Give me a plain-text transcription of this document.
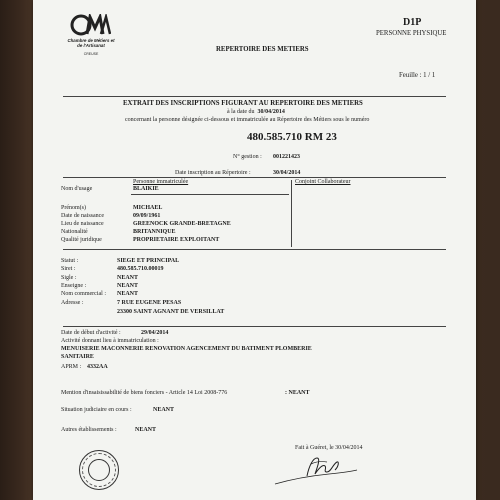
Chambre de Métiers et de l'Artisanat
CREUSE
D1P
PERSONNE PHYSIQUE
REPERTOIRE DES METIERS
Feuille : 1 / 1
EXTRAIT DES INSCRIPTIONS FIGURANT AU REPERTOIRE DES METIERS
à la date du 30/04/2014
concernant la personne désignée ci-dessous et immatriculée au Répertoire des Métiers sous le numéro
480.585.710 RM 23
N° gestion : 001221423
Date inscription au Répertoire :	30/04/2014
Personne immatriculée	Conjoint Collaborateur
Nom d'usage	BLAIKIE
Prénom(s)	MICHAEL
Date de naissance	09/09/1961
Lieu de naissance	GREENOCK GRANDE-BRETAGNE
Nationalité	BRITANNIQUE
Qualité juridique	PROPRIETAIRE EXPLOITANT
Statut :	SIEGE ET PRINCIPAL
Siret :	480.585.710.00019
Sigle :	NEANT
Enseigne :	NEANT
Nom commercial : NEANT
Adresse :	7 RUE EUGENE PESAS
23300 SAINT AGNANT DE VERSILLAT
Date de début d'activité :	29/04/2014
Activité donnant lieu à immatriculation :
MENUISERIE MACONNERIE RENOVATION AGENCEMENT DU BATIMENT PLOMBERIE
SANITAIRE
APRM : 4332AA
Mention d'insaisissabilité de biens fonciers - Article 14 Loi 2008-776	: NEANT
Situation judiciaire en cours :	NEANT
Autres établissements :	NEANT
Fait à Guéret, le 30/04/2014
